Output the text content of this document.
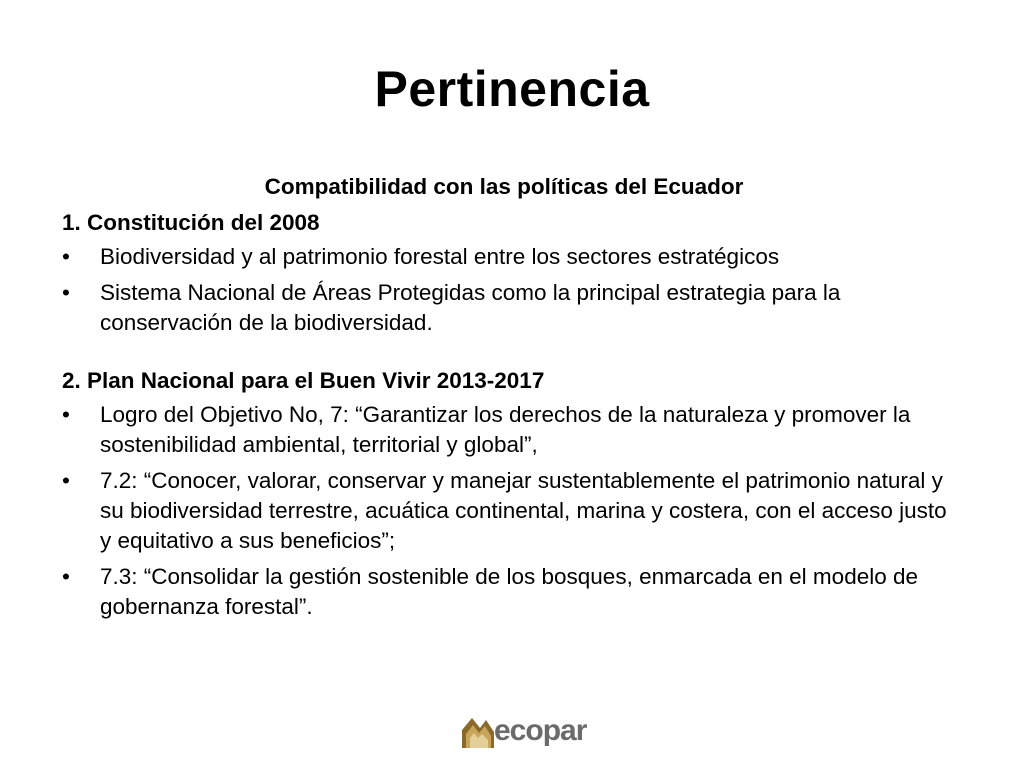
Pertinencia
Compatibilidad con las políticas del Ecuador
1. Constitución del 2008
• Biodiversidad y al patrimonio forestal entre los sectores estratégicos
• Sistema Nacional de Áreas Protegidas como la principal estrategia para la conservación de la biodiversidad.
2. Plan Nacional para el Buen Vivir 2013-2017
• Logro del Objetivo No, 7: “Garantizar los derechos de la naturaleza y promover la sostenibilidad ambiental, territorial y global”,
• 7.2: “Conocer, valorar, conservar y manejar sustentablemente el patrimonio natural y su biodiversidad terrestre, acuática continental, marina y costera, con el acceso justo y equitativo a sus beneficios”;
• 7.3: “Consolidar la gestión sostenible de los bosques, enmarcada en el modelo de gobernanza forestal”.
ecopar
